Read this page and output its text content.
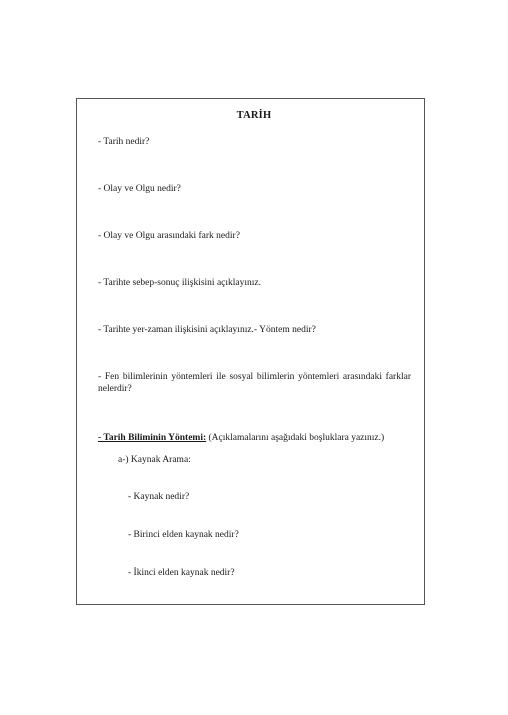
TARİH
- Tarih nedir?
- Olay ve Olgu nedir?
- Olay ve Olgu arasındaki fark nedir?
- Tarihte sebep-sonuç ilişkisini açıklayınız.
- Tarihte yer-zaman ilişkisini açıklayınız.- Yöntem nedir?
- Fen bilimlerinin yöntemleri ile sosyal bilimlerin yöntemleri arasındaki farklar nelerdir?
- Tarih Biliminin Yöntemi: (Açıklamalarını aşağıdaki boşluklara yazınız.)
a-) Kaynak Arama:
- Kaynak nedir?
- Birinci elden kaynak nedir?
- İkinci elden kaynak nedir?
